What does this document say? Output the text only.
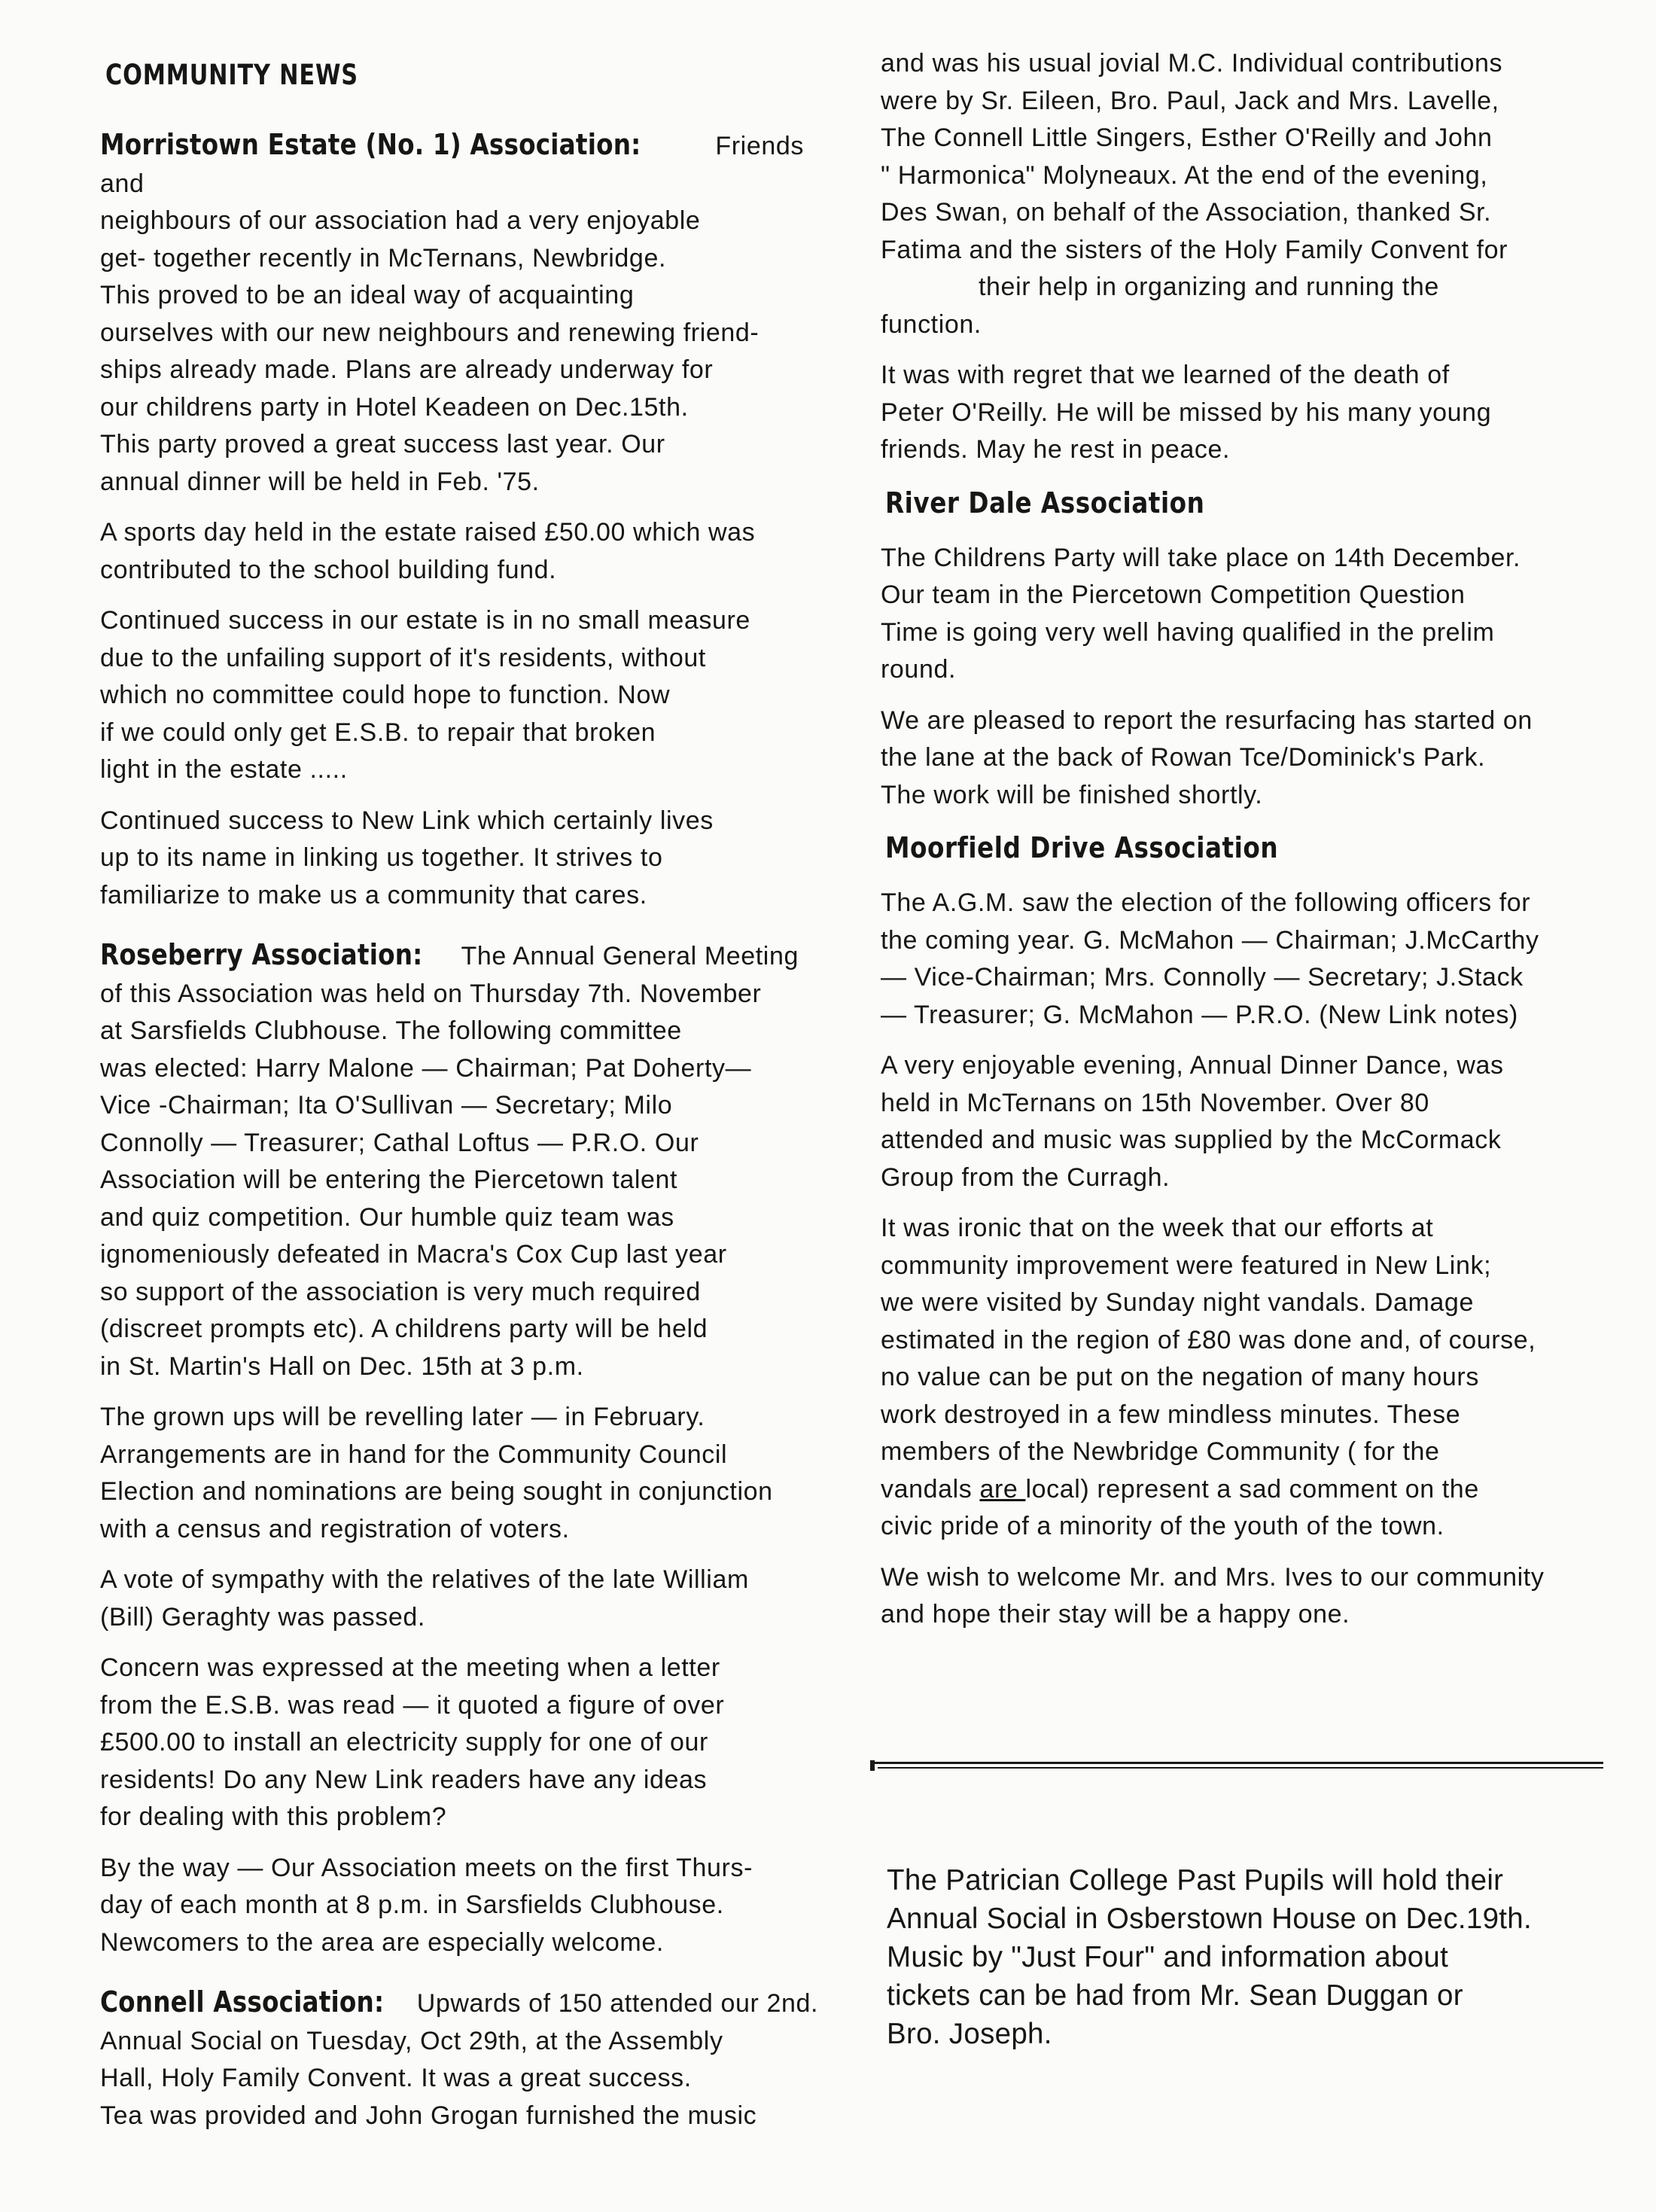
COMMUNITY NEWS

Morristown Estate (No. 1) Association:	Friends and
neighbours of our association had a very enjoyable
get- together recently in McTernans, Newbridge.
This proved to be an ideal way of acquainting
ourselves with our new neighbours and renewing friend-
ships already made. Plans are already underway for
our childrens party in Hotel Keadeen on Dec.15th.
This party proved a great success last year. Our
annual dinner will be held in Feb. '75.

A sports day held in the estate raised £50.00 which was
contributed to the school building fund.

Continued success in our estate is in no small measure
due to the unfailing support of it's residents, without
which no committee could hope to function. Now
if we could only get E.S.B. to repair that broken
light in the estate .....

Continued success to New Link which certainly lives
up to its name in linking us together. It strives to
familiarize to make us a community that cares.

Roseberry Association: The Annual General Meeting
of this Association was held on Thursday 7th. November
at Sarsfields Clubhouse. The following committee
was elected: Harry Malone — Chairman; Pat Doherty—
Vice -Chairman; Ita O'Sullivan — Secretary; Milo
Connolly — Treasurer; Cathal Loftus — P.R.O. Our
Association will be entering the Piercetown talent
and quiz competition. Our humble quiz team was
ignomeniously defeated in Macra's Cox Cup last year
so support of the association is very much required
(discreet prompts etc). A childrens party will be held
in St. Martin's Hall on Dec. 15th at 3 p.m.

The grown ups will be revelling later — in February.
Arrangements are in hand for the Community Council
Election and nominations are being sought in conjunction
with a census and registration of voters.

A vote of sympathy with the relatives of the late William
(Bill) Geraghty was passed.

Concern was expressed at the meeting when a letter
from the E.S.B. was read — it quoted a figure of over
£500.00 to install an electricity supply for one of our
residents! Do any New Link readers have any ideas
for dealing with this problem?

By the way — Our Association meets on the first Thurs-
day of each month at 8 p.m. in Sarsfields Clubhouse.
Newcomers to the area are especially welcome.

Connell Association: Upwards of 150 attended our 2nd.
Annual Social on Tuesday, Oct 29th, at the Assembly
Hall, Holy Family Convent. It was a great success.
Tea was provided and John Grogan furnished the music

and was his usual jovial M.C. Individual contributions
were by Sr. Eileen, Bro. Paul, Jack and Mrs. Lavelle,
The Connell Little Singers, Esther O'Reilly and John
" Harmonica" Molyneaux. At the end of the evening,
Des Swan, on behalf of the Association, thanked Sr.
Fatima and the sisters of the Holy Family Convent for
their help in organizing and running the
function.

It was with regret that we learned of the death of
Peter O'Reilly. He will be missed by his many young
friends. May he rest in peace.

River Dale Association

The Childrens Party will take place on 14th December.
Our team in the Piercetown Competition Question
Time is going very well having qualified in the prelim
round.

We are pleased to report the resurfacing has started on
the lane at the back of Rowan Tce/Dominick's Park.
The work will be finished shortly.

Moorfield Drive Association

The A.G.M. saw the election of the following officers for
the coming year. G. McMahon — Chairman; J.McCarthy
— Vice-Chairman; Mrs. Connolly — Secretary; J.Stack
— Treasurer; G. McMahon — P.R.O. (New Link notes)

A very enjoyable evening, Annual Dinner Dance, was
held in McTernans on 15th November. Over 80
attended and music was supplied by the McCormack
Group from the Curragh.

It was ironic that on the week that our efforts at
community improvement were featured in New Link;
we were visited by Sunday night vandals. Damage
estimated in the region of £80 was done and, of course,
no value can be put on the negation of many hours
work destroyed in a few mindless minutes. These
members of the Newbridge Community ( for the
vandals are local) represent a sad comment on the
civic pride of a minority of the youth of the town.

We wish to welcome Mr. and Mrs. Ives to our community
and hope their stay will be a happy one.

The Patrician College Past Pupils will hold their
Annual Social in Osberstown House on Dec.19th.
Music by "Just Four" and information about
tickets can be had from Mr. Sean Duggan or
Bro. Joseph.
